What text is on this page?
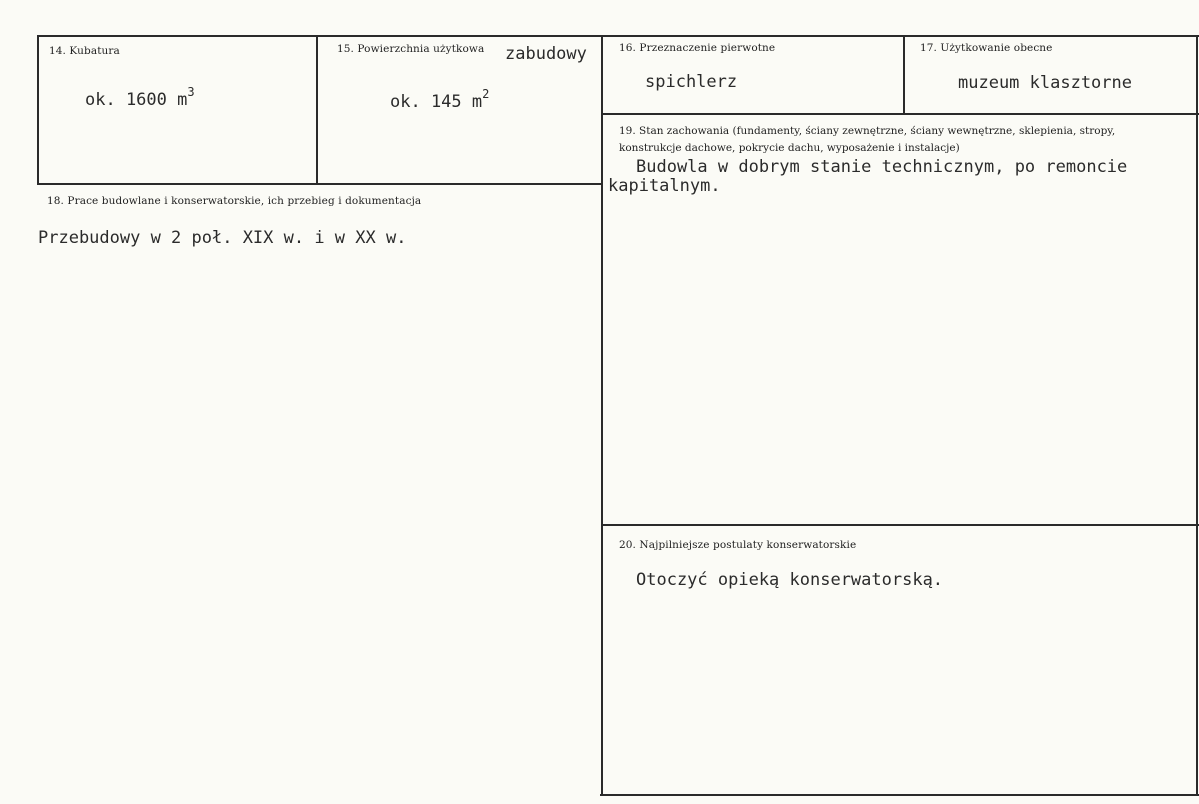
14. Kubatura
ok. 1600 $m^3$
15. Powierzchnia użytkowa zabudowy
ok. 145 $m^2$
16. Przeznaczenie pierwotne
spichlerz
17. Użytkowanie obecne
muzeum klasztorne
18. Prace budowlane i konserwatorskie, ich przebieg i dokumentacja
Przebudowy w 2 poł. XIX w. i w XX w.
19. Stan zachowania (fundamenty, ściany zewnętrzne, ściany wewnętrzne, sklepienia, stropy, konstrukcje dachowe, pokrycie dachu, wyposażenie i instalacje)
Budowla w dobrym stanie technicznym, po remoncie kapitalnym.
20. Najpilniejsze postulaty konserwatorskie
Otoczyć opieką konserwatorską.
